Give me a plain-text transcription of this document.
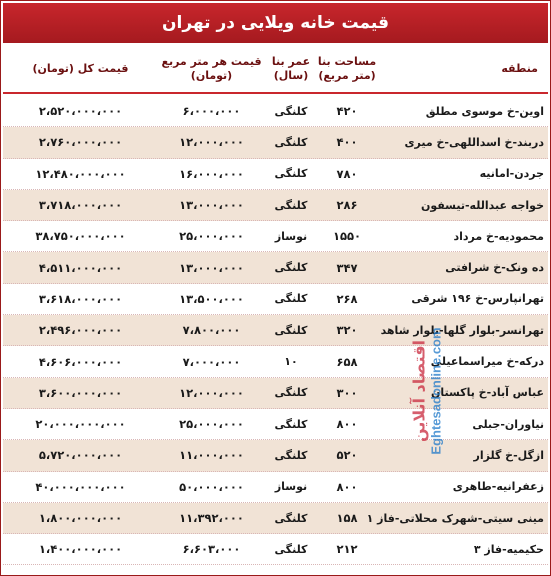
قیمت خانه ویلایی در تهران
منطقه
مساحت بنا
(متر مربع)
عمر بنا
(سال)
قیمت هر متر مربع
(تومان)
قیمت کل (تومان)
اوین-خ موسوی مطلق
۴۲۰
کلنگی
۶،۰۰۰،۰۰۰
۲،۵۲۰،۰۰۰،۰۰۰
دربند-خ اسداللهی-خ میری
۴۰۰
کلنگی
۱۲،۰۰۰،۰۰۰
۲،۷۶۰،۰۰۰،۰۰۰
جردن-امانیه
۷۸۰
کلنگی
۱۶،۰۰۰،۰۰۰
۱۲،۴۸۰،۰۰۰،۰۰۰
خواجه عبدالله-تیسفون
۲۸۶
کلنگی
۱۳،۰۰۰،۰۰۰
۳،۷۱۸،۰۰۰،۰۰۰
محمودیه-خ مرداد
۱۵۵۰
نوساز
۲۵،۰۰۰،۰۰۰
۳۸،۷۵۰،۰۰۰،۰۰۰
ده ونک-خ شرافتی
۳۴۷
کلنگی
۱۳،۰۰۰،۰۰۰
۴،۵۱۱،۰۰۰،۰۰۰
تهرانپارس-خ ۱۹۶ شرقی
۲۶۸
کلنگی
۱۳،۵۰۰،۰۰۰
۳،۶۱۸،۰۰۰،۰۰۰
تهرانسر-بلوار گلها-بلوار شاهد
۳۲۰
کلنگی
۷،۸۰۰،۰۰۰
۲،۴۹۶،۰۰۰،۰۰۰
درکه-خ میراسماعیلی
۶۵۸
۱۰
۷،۰۰۰،۰۰۰
۴،۶۰۶،۰۰۰،۰۰۰
عباس آباد-خ پاکستان
۳۰۰
کلنگی
۱۲،۰۰۰،۰۰۰
۳،۶۰۰،۰۰۰،۰۰۰
نیاوران-جبلی
۸۰۰
کلنگی
۲۵،۰۰۰،۰۰۰
۲۰،۰۰۰،۰۰۰،۰۰۰
ازگل-خ گلزار
۵۲۰
کلنگی
۱۱،۰۰۰،۰۰۰
۵،۷۲۰،۰۰۰،۰۰۰
زعفرانیه-طاهری
۸۰۰
نوساز
۵۰،۰۰۰،۰۰۰
۴۰،۰۰۰،۰۰۰،۰۰۰
مینی سیتی-شهرک محلاتی-فاز ۱
۱۵۸
کلنگی
۱۱،۳۹۲،۰۰۰
۱،۸۰۰،۰۰۰،۰۰۰
حکیمیه-فاز ۳
۲۱۲
کلنگی
۶،۶۰۳،۰۰۰
۱،۴۰۰،۰۰۰،۰۰۰
اقتصاد آنلاین Eghtesadonline.com
